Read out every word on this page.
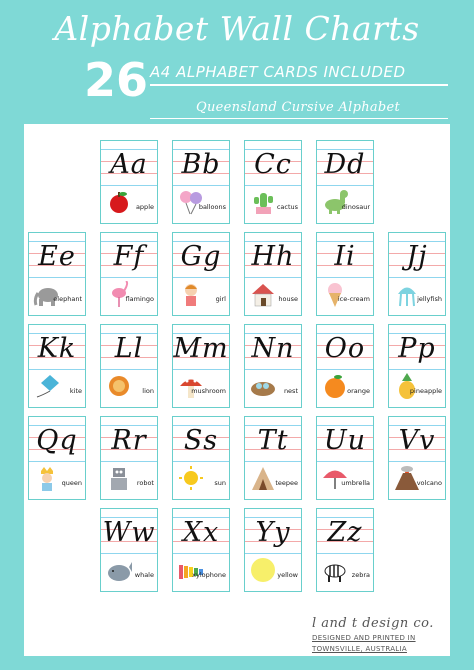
Alphabet Wall Charts
26 A4 ALPHABET CARDS INCLUDED
Queensland Cursive Alphabet
Aa
apple
Bb
balloons
Cc
cactus
Dd
dinosaur
Ee
elephant
Ff
flamingo
Gg
girl
Hh
house
Ii
ice-cream
Jj
jellyfish
Kk
kite
Ll
lion
Mm
mushroom
Nn
nest
Oo
orange
Pp
pineapple
Qq
queen
Rr
robot
Ss
sun
Tt
teepee
Uu
umbrella
Vv
volcano
Ww
whale
Xx
xylophone
Yy
yellow
Zz
zebra
l and t design co.
DESIGNED AND PRINTED IN
TOWNSVILLE, AUSTRALIA
